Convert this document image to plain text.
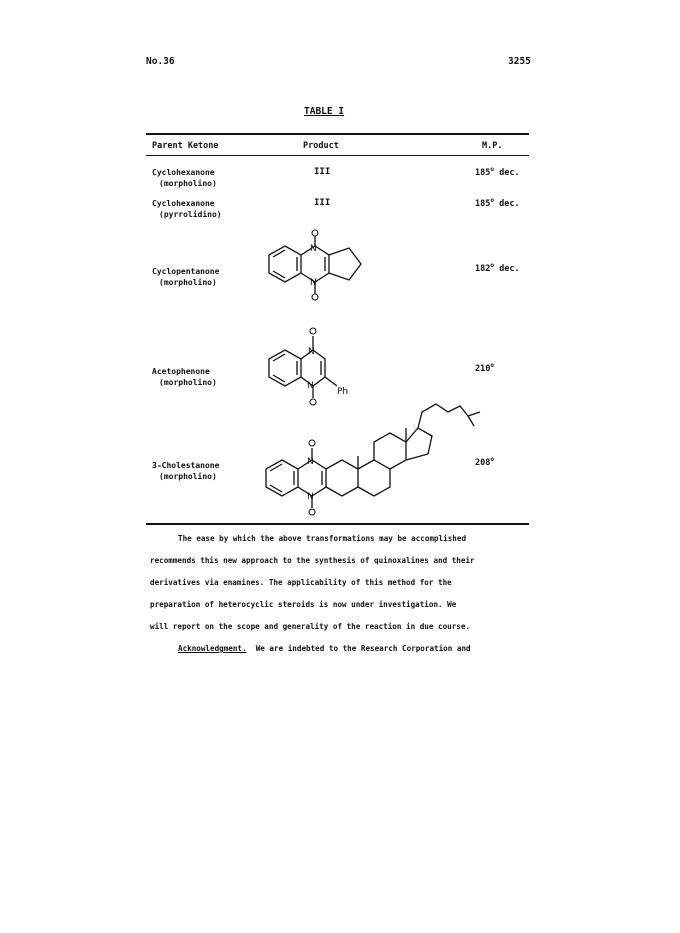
No.36	3255
TABLE I
Parent Ketone	Product	M.P.
Cyclohexanone
(morpholino)
III	185$^o$ dec.
Cyclohexanone
(pyrrolidino)
III	185$^o$ dec.
Cyclopentanone
(morpholino)
182$^o$ dec.
N
N
Acetophenone
(morpholino)
210$^o$
N
N
Ph
3-Cholestanone
(morpholino)
208$^o$
N
N

The ease by which the above transformations may be accomplished

recommends this new approach to the synthesis of quinoxalines and their

derivatives via enamines. The applicability of this method for the

preparation of heterocyclic steroids is now under investigation. We

will report on the scope and generality of the reaction in due course.

Acknowledgment.  We are indebted to the Research Corporation and
